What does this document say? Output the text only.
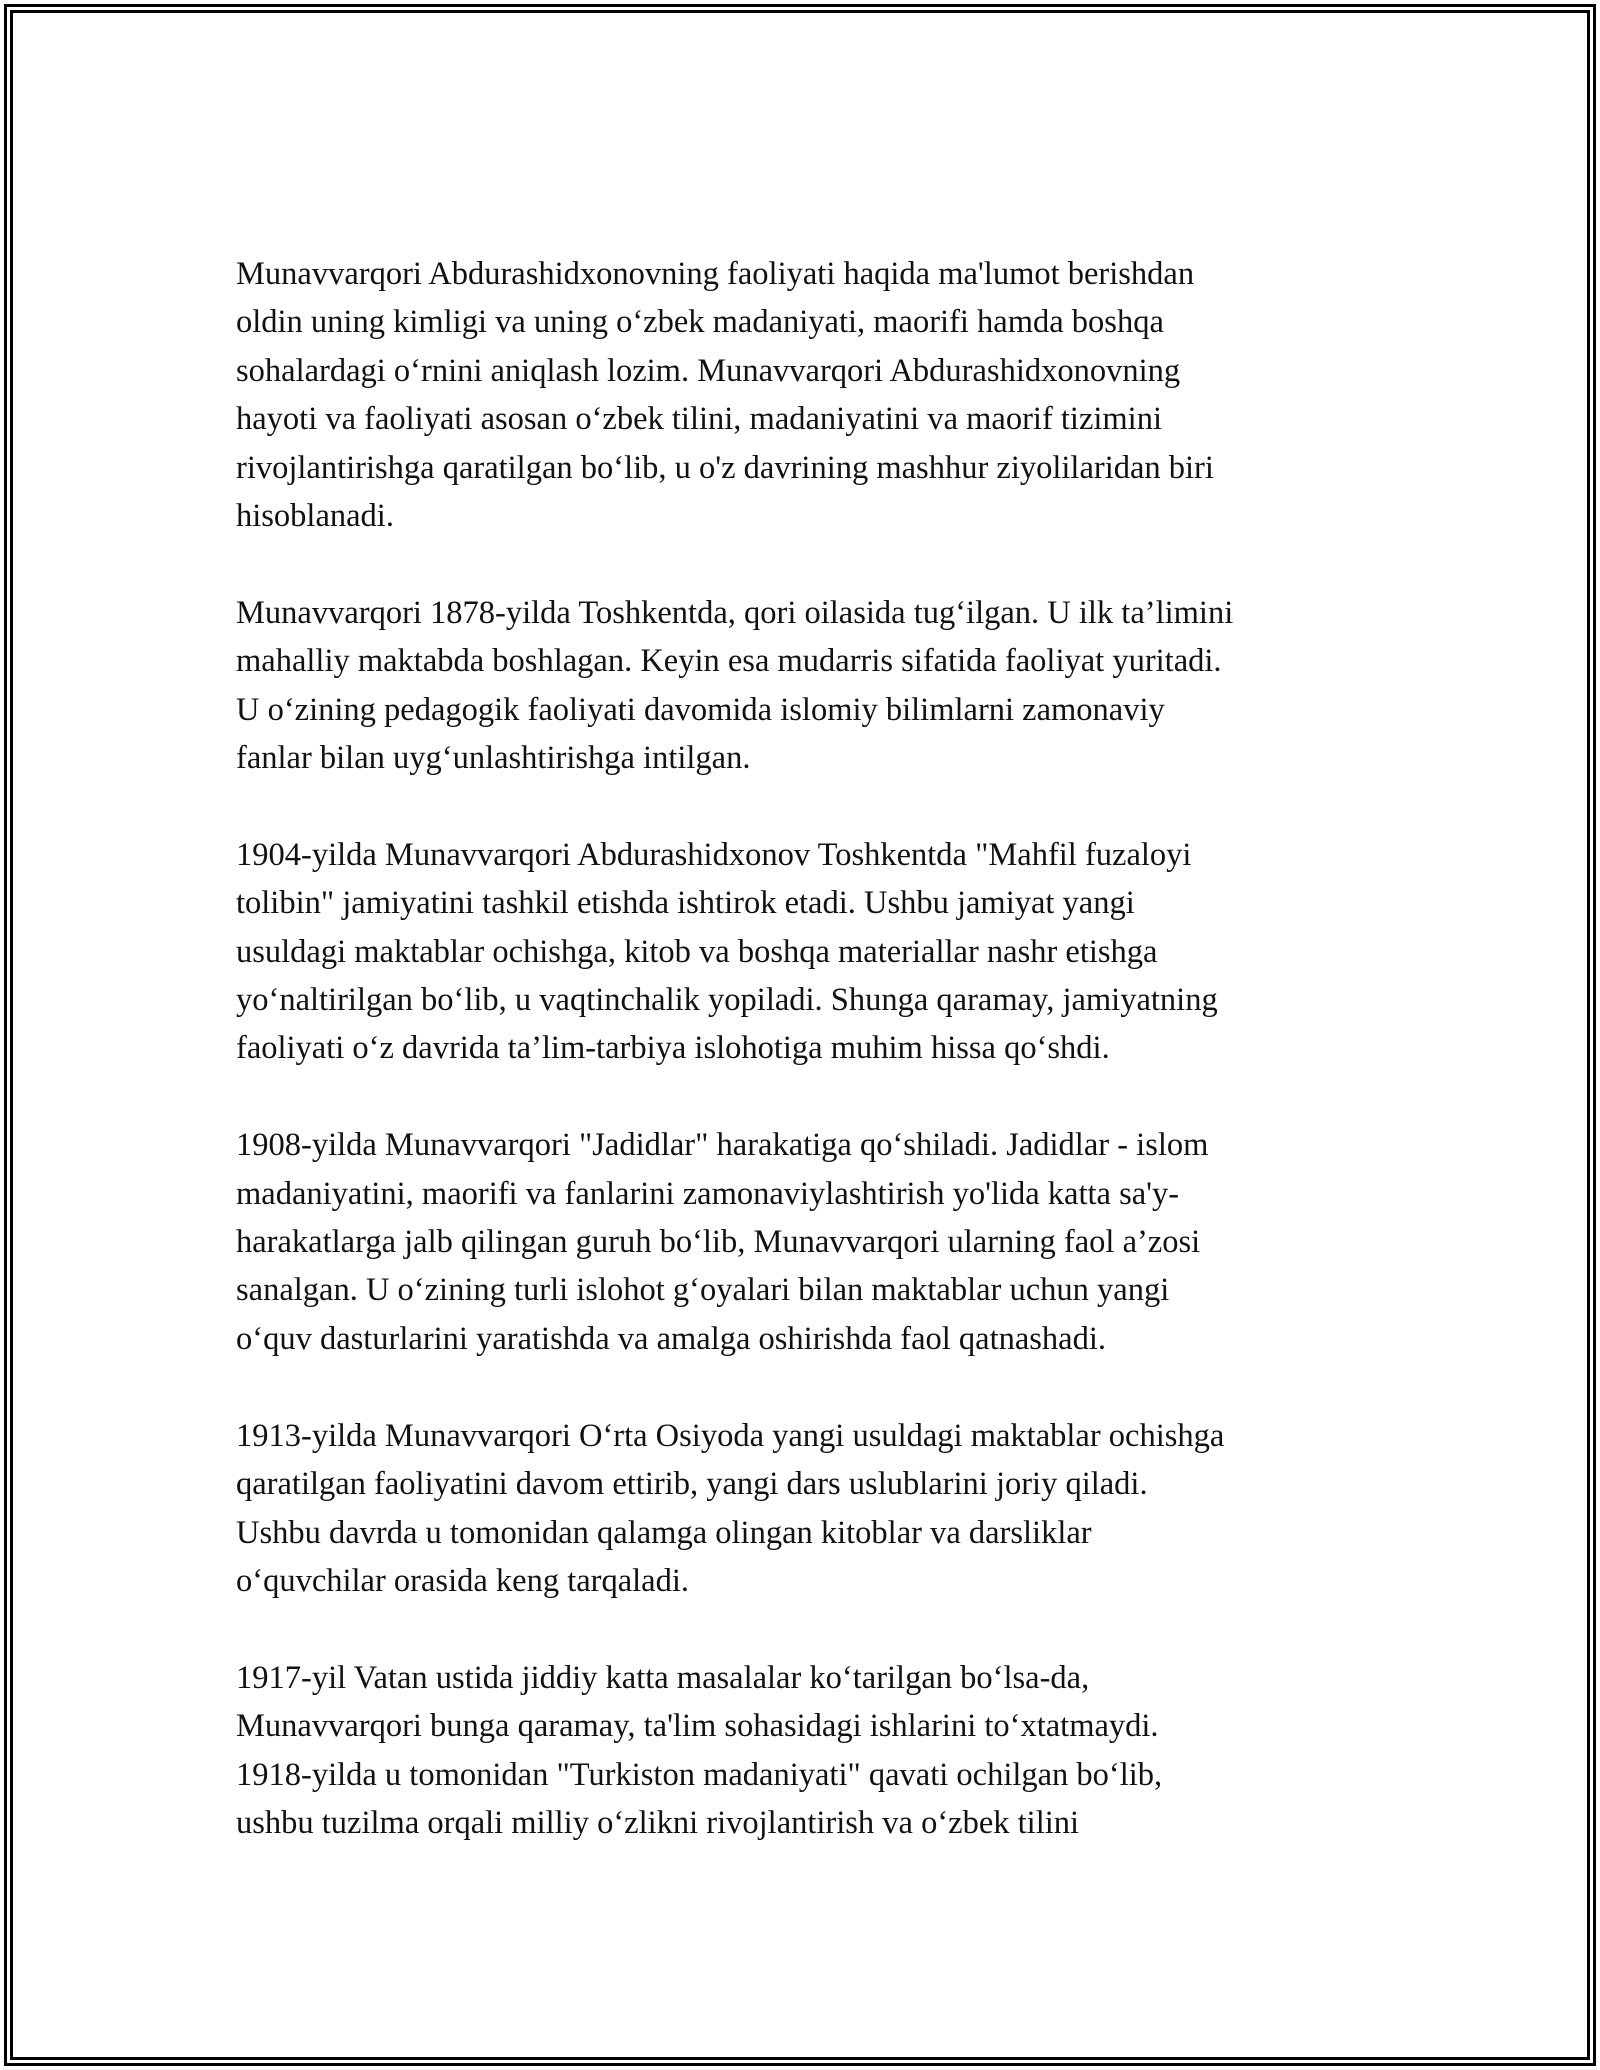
Munavvarqori Abdurashidxonovning faoliyati haqida ma'lumot berishdan
oldin uning kimligi va uning o‘zbek madaniyati, maorifi hamda boshqa
sohalardagi o‘rnini aniqlash lozim. Munavvarqori Abdurashidxonovning
hayoti va faoliyati asosan o‘zbek tilini, madaniyatini va maorif tizimini
rivojlantirishga qaratilgan bo‘lib, u o'z davrining mashhur ziyolilaridan biri
hisoblanadi.

Munavvarqori 1878-yilda Toshkentda, qori oilasida tug‘ilgan. U ilk ta’limini
mahalliy maktabda boshlagan. Keyin esa mudarris sifatida faoliyat yuritadi.
U o‘zining pedagogik faoliyati davomida islomiy bilimlarni zamonaviy
fanlar bilan uyg‘unlashtirishga intilgan.

1904-yilda Munavvarqori Abdurashidxonov Toshkentda "Mahfil fuzaloyi
tolibin" jamiyatini tashkil etishda ishtirok etadi. Ushbu jamiyat yangi
usuldagi maktablar ochishga, kitob va boshqa materiallar nashr etishga
yo‘naltirilgan bo‘lib, u vaqtinchalik yopiladi. Shunga qaramay, jamiyatning
faoliyati o‘z davrida ta’lim-tarbiya islohotiga muhim hissa qo‘shdi.

1908-yilda Munavvarqori "Jadidlar" harakatiga qo‘shiladi. Jadidlar - islom
madaniyatini, maorifi va fanlarini zamonaviylashtirish yo'lida katta sa'y-
harakatlarga jalb qilingan guruh bo‘lib, Munavvarqori ularning faol a’zosi
sanalgan. U o‘zining turli islohot g‘oyalari bilan maktablar uchun yangi
o‘quv dasturlarini yaratishda va amalga oshirishda faol qatnashadi.

1913-yilda Munavvarqori O‘rta Osiyoda yangi usuldagi maktablar ochishga
qaratilgan faoliyatini davom ettirib, yangi dars uslublarini joriy qiladi.
Ushbu davrda u tomonidan qalamga olingan kitoblar va darsliklar
o‘quvchilar orasida keng tarqaladi.

1917-yil Vatan ustida jiddiy katta masalalar ko‘tarilgan bo‘lsa-da,
Munavvarqori bunga qaramay, ta'lim sohasidagi ishlarini to‘xtatmaydi.
1918-yilda u tomonidan "Turkiston madaniyati" qavati ochilgan bo‘lib,
ushbu tuzilma orqali milliy o‘zlikni rivojlantirish va o‘zbek tilini
